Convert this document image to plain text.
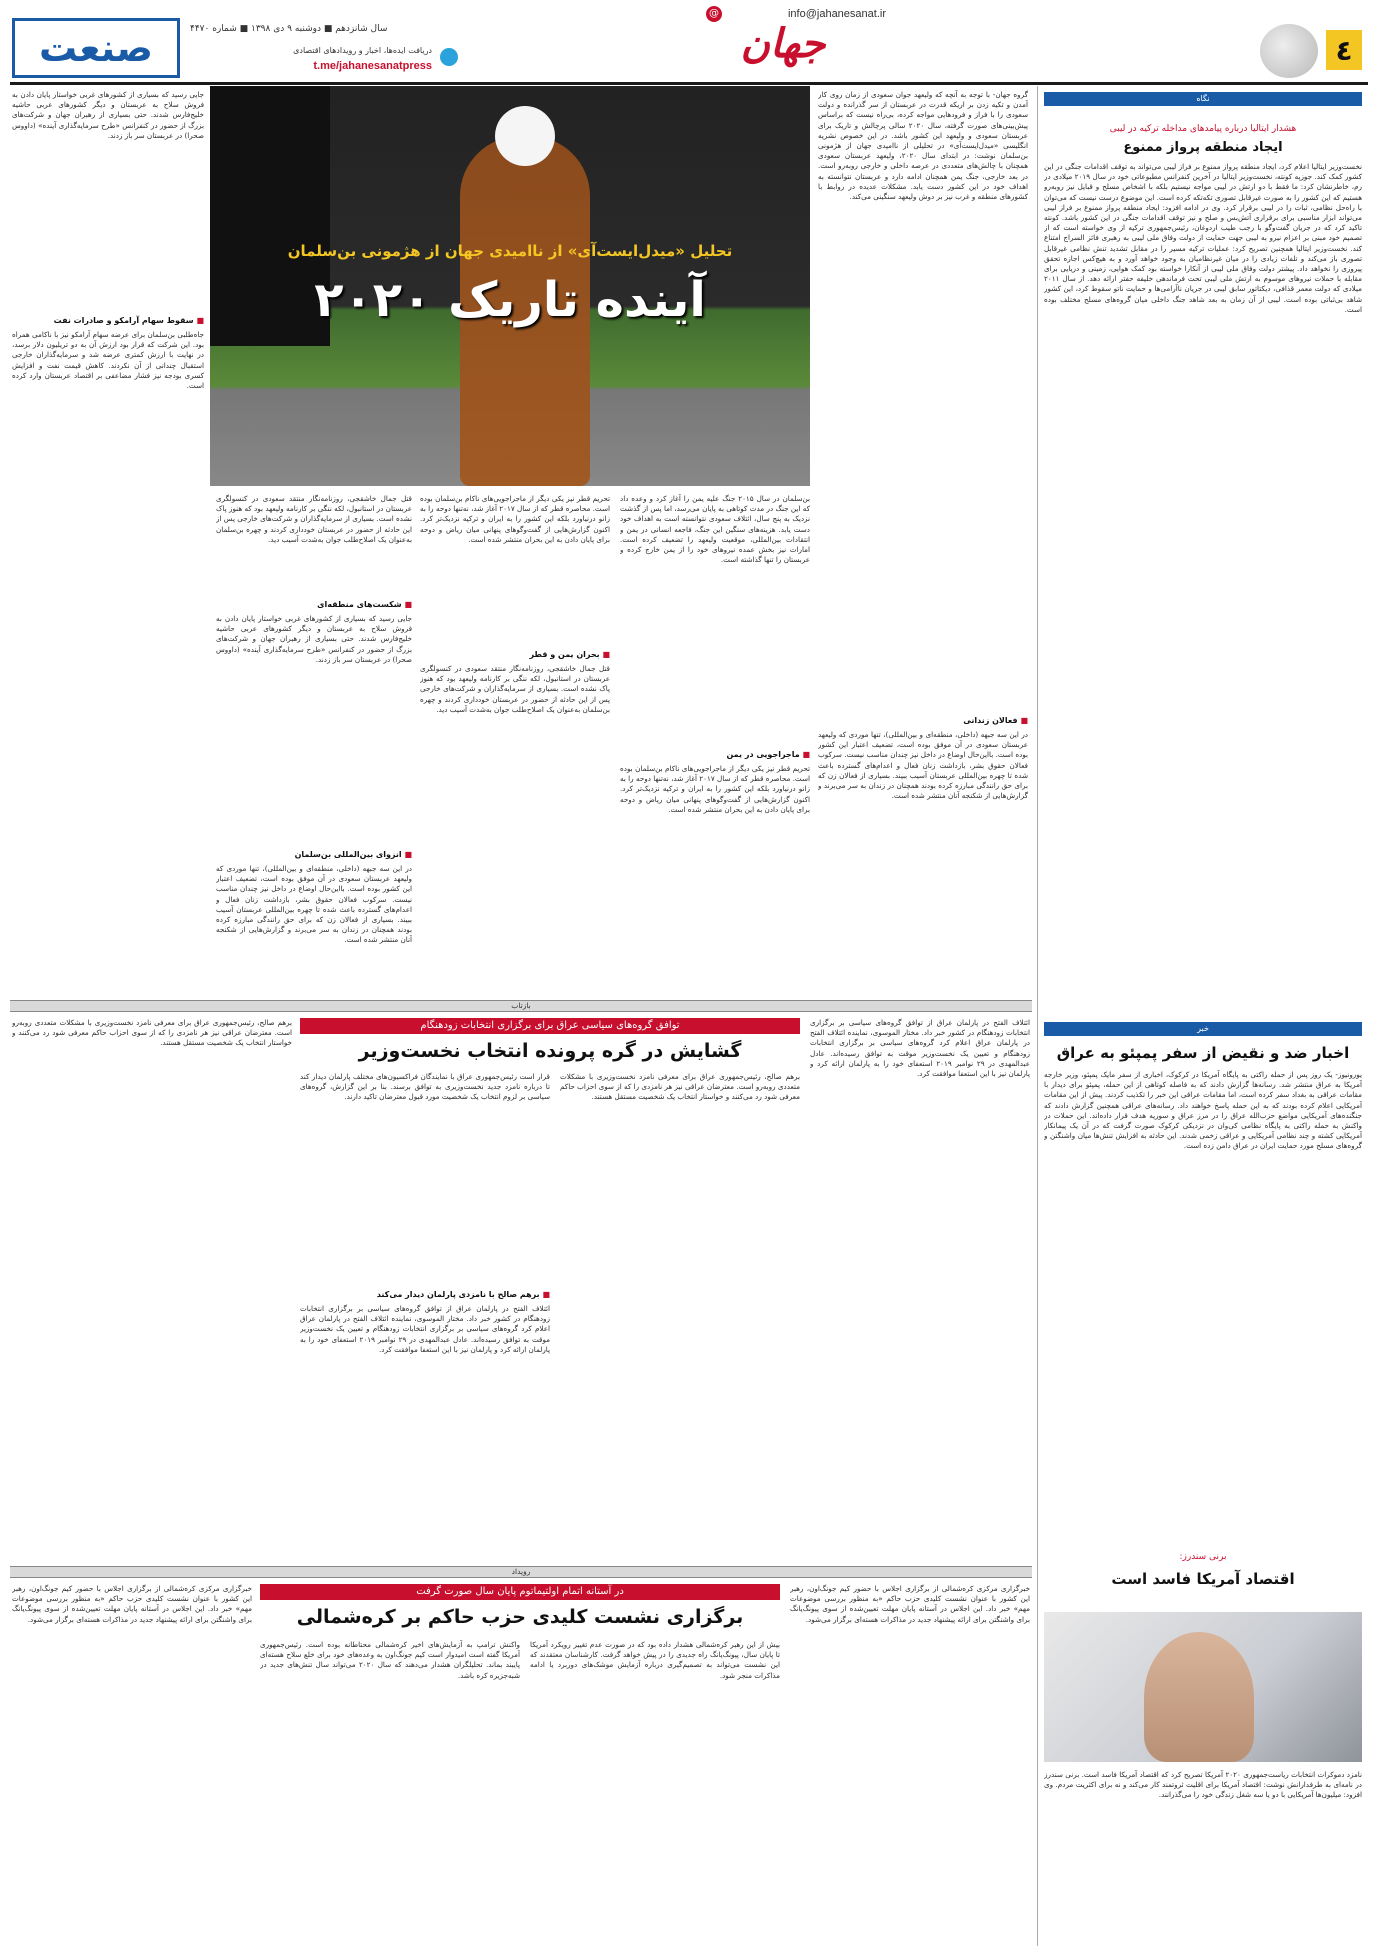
٤
@	info@jahanesanat.ir
جهان
دریافت ایده‌ها، اخبار و رویدادهای اقتصادی
t.me/jahanesanatpress
سال شانزدهم ■ دوشنبه ۹ دی ۱۳۹۸ ■ شماره ۴۴۷۰
صنعت
نگاه
هشدار ایتالیا درباره پیامدهای مداخله ترکیه در لیبی
ایجاد منطقه پرواز ممنوع
نخست‌وزیر ایتالیا اعلام کرد، ایجاد منطقه پرواز ممنوع بر فراز لیبی می‌تواند به توقف اقدامات جنگی در این کشور کمک کند. جوزپه کونته، نخست‌وزیر ایتالیا در آخرین کنفرانس مطبوعاتی خود در سال ۲۰۱۹ میلادی در رم، خاطرنشان کرد: ما فقط با دو ارتش در لیبی مواجه نیستیم بلکه با اشخاص مسلح و قبایل نیز روبه‌رو هستیم که این کشور را به صورت غیرقابل تصوری تکه‌تکه کرده است. این موضوع درست نیست که می‌توان با راه‌حل نظامی، ثبات را در لیبی برقرار کرد. وی در ادامه افزود: ایجاد منطقه پرواز ممنوع بر فراز لیبی می‌تواند ابزار مناسبی برای برقراری آتش‌بس و صلح و نیز توقف اقدامات جنگی در این کشور باشد. کونته تاکید کرد که در جریان گفت‌وگو با رجب طیب اردوغان، رئیس‌جمهوری ترکیه از وی خواسته است که از تصمیم خود مبنی بر اعزام نیرو به لیبی جهت حمایت از دولت وفاق ملی لیبی به رهبری فائز السراج امتناع کند. نخست‌وزیر ایتالیا همچنین تصریح کرد: عملیات ترکیه مسیر را در مقابل تشدید تنش نظامی غیرقابل تصوری باز می‌کند و تلفات زیادی را در میان غیرنظامیان به وجود خواهد آورد و به هیچ‌کس اجازه تحقق پیروزی را نخواهد داد. پیشتر دولت وفاق ملی لیبی از آنکارا خواسته بود کمک هوایی، زمینی و دریایی برای مقابله با حملات نیروهای موسوم به ارتش ملی لیبی تحت فرماندهی خلیفه حفتر ارائه دهد. از سال ۲۰۱۱ میلادی که دولت معمر قذافی، دیکتاتور سابق لیبی در جریان ناآرامی‌ها و حمایت ناتو سقوط کرد، این کشور شاهد بی‌ثباتی بوده است. لیبی از آن زمان به بعد شاهد جنگ داخلی میان گروه‌های مسلح مختلف بوده است.
خبر
اخبار ضد و نقیض از سفر پمپئو به عراق
یورونیوز- یک روز پس از حمله راکتی به پایگاه آمریکا در کرکوک، اخباری از سفر مایک پمپئو، وزیر خارجه آمریکا به عراق منتشر شد. رسانه‌ها گزارش دادند که به فاصله کوتاهی از این حمله، پمپئو برای دیدار با مقامات عراقی به بغداد سفر کرده است، اما مقامات عراقی این خبر را تکذیب کردند. پیش از این مقامات آمریکایی اعلام کرده بودند که به این حمله پاسخ خواهند داد. رسانه‌های عراقی همچنین گزارش دادند که جنگنده‌های آمریکایی مواضع حزب‌الله عراق را در مرز عراق و سوریه هدف قرار داده‌اند. این حملات در واکنش به حمله راکتی به پایگاه نظامی کی‌وان در نزدیکی کرکوک صورت گرفت که در آن یک پیمانکار آمریکایی کشته و چند نظامی آمریکایی و عراقی زخمی شدند. این حادثه به افزایش تنش‌ها میان واشنگتن و گروه‌های مسلح مورد حمایت ایران در عراق دامن زده است.
برنی سندرز:
اقتصاد آمریکا فاسد است
نامزد دموکرات انتخابات ریاست‌جمهوری ۲۰۲۰ آمریکا تصریح کرد که اقتصاد آمریکا فاسد است. برنی سندرز در نامه‌ای به طرفدارانش نوشت: اقتصاد آمریکا برای اقلیت ثروتمند کار می‌کند و نه برای اکثریت مردم. وی افزود: میلیون‌ها آمریکایی با دو یا سه شغل زندگی خود را می‌گذرانند.
تحلیل «میدل‌ایست‌آی» از ناامیدی جهان از هژمونی بن‌سلمان
آینده تاریک ۲۰۲۰
گروه جهان- با توجه به آنچه که ولیعهد جوان سعودی از زمان روی کار آمدن و تکیه زدن بر اریکه قدرت در عربستان از سر گذرانده و دولت سعودی را با فراز و فرودهایی مواجه کرده، بی‌راه نیست که براساس پیش‌بینی‌های صورت گرفته، سال ۲۰۲۰ سالی پرچالش و تاریک برای عربستان سعودی و ولیعهد این کشور باشد. در این خصوص نشریه انگلیسی «میدل‌ایست‌آی» در تحلیلی از ناامیدی جهان از هژمونی بن‌سلمان نوشت: در ابتدای سال ۲۰۲۰، ولیعهد عربستان سعودی همچنان با چالش‌های متعددی در عرصه داخلی و خارجی روبه‌رو است. در بعد خارجی، جنگ یمن همچنان ادامه دارد و عربستان نتوانسته به اهداف خود در این کشور دست یابد. مشکلات عدیده در روابط با کشورهای منطقه و غرب نیز بر دوش ولیعهد سنگینی می‌کند.
■ فعالان زندانی
در این سه جبهه (داخلی، منطقه‌ای و بین‌المللی)، تنها موردی که ولیعهد عربستان سعودی در آن موفق بوده است، تضعیف اعتبار این کشور بوده است. بااین‌حال اوضاع در داخل نیز چندان مناسب نیست. سرکوب فعالان حقوق بشر، بازداشت زنان فعال و اعدام‌های گسترده باعث شده تا چهره بین‌المللی عربستان آسیب ببیند. بسیاری از فعالان زن که برای حق رانندگی مبارزه کرده بودند همچنان در زندان به سر می‌برند و گزارش‌هایی از شکنجه آنان منتشر شده است.
بن‌سلمان در سال ۲۰۱۵ جنگ علیه یمن را آغاز کرد و وعده داد که این جنگ در مدت کوتاهی به پایان می‌رسد، اما پس از گذشت نزدیک به پنج سال، ائتلاف سعودی نتوانسته است به اهداف خود دست یابد. هزینه‌های سنگین این جنگ، فاجعه انسانی در یمن و انتقادات بین‌المللی، موقعیت ولیعهد را تضعیف کرده است. امارات نیز بخش عمده نیروهای خود را از یمن خارج کرده و عربستان را تنها گذاشته است.
■ ماجراجویی در یمن
تحریم قطر نیز یکی دیگر از ماجراجویی‌های ناکام بن‌سلمان بوده است. محاصره قطر که از سال ۲۰۱۷ آغاز شد، نه‌تنها دوحه را به زانو درنیاورد بلکه این کشور را به ایران و ترکیه نزدیک‌تر کرد. اکنون گزارش‌هایی از گفت‌وگوهای پنهانی میان ریاض و دوحه برای پایان دادن به این بحران منتشر شده است.
تحریم قطر نیز یکی دیگر از ماجراجویی‌های ناکام بن‌سلمان بوده است. محاصره قطر که از سال ۲۰۱۷ آغاز شد، نه‌تنها دوحه را به زانو درنیاورد بلکه این کشور را به ایران و ترکیه نزدیک‌تر کرد. اکنون گزارش‌هایی از گفت‌وگوهای پنهانی میان ریاض و دوحه برای پایان دادن به این بحران منتشر شده است.
■ بحران یمن و قطر
قتل جمال خاشقجی، روزنامه‌نگار منتقد سعودی در کنسولگری عربستان در استانبول، لکه ننگی بر کارنامه ولیعهد بود که هنوز پاک نشده است. بسیاری از سرمایه‌گذاران و شرکت‌های خارجی پس از این حادثه از حضور در عربستان خودداری کردند و چهره بن‌سلمان به‌عنوان یک اصلاح‌طلب جوان به‌شدت آسیب دید.
قتل جمال خاشقجی، روزنامه‌نگار منتقد سعودی در کنسولگری عربستان در استانبول، لکه ننگی بر کارنامه ولیعهد بود که هنوز پاک نشده است. بسیاری از سرمایه‌گذاران و شرکت‌های خارجی پس از این حادثه از حضور در عربستان خودداری کردند و چهره بن‌سلمان به‌عنوان یک اصلاح‌طلب جوان به‌شدت آسیب دید.
■ شکست‌های منطقه‌ای
جایی رسید که بسیاری از کشورهای غربی خواستار پایان دادن به فروش سلاح به عربستان و دیگر کشورهای عربی حاشیه خلیج‌فارس شدند. حتی بسیاری از رهبران جهان و شرکت‌های بزرگ از حضور در کنفرانس «طرح سرمایه‌گذاری آینده» (داووس صحرا) در عربستان سر باز زدند.
■ انزوای بین‌المللی بن‌سلمان
در این سه جبهه (داخلی، منطقه‌ای و بین‌المللی)، تنها موردی که ولیعهد عربستان سعودی در آن موفق بوده است، تضعیف اعتبار این کشور بوده است. بااین‌حال اوضاع در داخل نیز چندان مناسب نیست. سرکوب فعالان حقوق بشر، بازداشت زنان فعال و اعدام‌های گسترده باعث شده تا چهره بین‌المللی عربستان آسیب ببیند. بسیاری از فعالان زن که برای حق رانندگی مبارزه کرده بودند همچنان در زندان به سر می‌برند و گزارش‌هایی از شکنجه آنان منتشر شده است.
جایی رسید که بسیاری از کشورهای غربی خواستار پایان دادن به فروش سلاح به عربستان و دیگر کشورهای عربی حاشیه خلیج‌فارس شدند. حتی بسیاری از رهبران جهان و شرکت‌های بزرگ از حضور در کنفرانس «طرح سرمایه‌گذاری آینده» (داووس صحرا) در عربستان سر باز زدند.
■ سقوط سهام آرامکو و صادرات نفت
جاه‌طلبی بن‌سلمان برای عرضه سهام آرامکو نیز با ناکامی همراه بود. این شرکت که قرار بود ارزش آن به دو تریلیون دلار برسد، در نهایت با ارزش کمتری عرضه شد و سرمایه‌گذاران خارجی استقبال چندانی از آن نکردند. کاهش قیمت نفت و افزایش کسری بودجه نیز فشار مضاعفی بر اقتصاد عربستان وارد کرده است.
بازتاب
توافق گروه‌های سیاسی عراق برای برگزاری انتخابات زودهنگام
گشایش در گره پرونده انتخاب نخست‌وزیر
ائتلاف الفتح در پارلمان عراق از توافق گروه‌های سیاسی بر برگزاری انتخابات زودهنگام در کشور خبر داد. مختار الموسوی، نماینده ائتلاف الفتح در پارلمان عراق اعلام کرد گروه‌های سیاسی بر برگزاری انتخابات زودهنگام و تعیین یک نخست‌وزیر موقت به توافق رسیده‌اند. عادل عبدالمهدی در ۲۹ نوامبر ۲۰۱۹ استعفای خود را به پارلمان ارائه کرد و پارلمان نیز با این استعفا موافقت کرد.
برهم صالح، رئیس‌جمهوری عراق برای معرفی نامزد نخست‌وزیری با مشکلات متعددی روبه‌رو است. معترضان عراقی نیز هر نامزدی را که از سوی احزاب حاکم معرفی شود رد می‌کنند و خواستار انتخاب یک شخصیت مستقل هستند.
قرار است رئیس‌جمهوری عراق با نمایندگان فراکسیون‌های مختلف پارلمان دیدار کند تا درباره نامزد جدید نخست‌وزیری به توافق برسند. بنا بر این گزارش، گروه‌های سیاسی بر لزوم انتخاب یک شخصیت مورد قبول معترضان تاکید دارند.
■ برهم صالح با نامزدی پارلمان دیدار می‌کند
ائتلاف الفتح در پارلمان عراق از توافق گروه‌های سیاسی بر برگزاری انتخابات زودهنگام در کشور خبر داد. مختار الموسوی، نماینده ائتلاف الفتح در پارلمان عراق اعلام کرد گروه‌های سیاسی بر برگزاری انتخابات زودهنگام و تعیین یک نخست‌وزیر موقت به توافق رسیده‌اند. عادل عبدالمهدی در ۲۹ نوامبر ۲۰۱۹ استعفای خود را به پارلمان ارائه کرد و پارلمان نیز با این استعفا موافقت کرد.
برهم صالح، رئیس‌جمهوری عراق برای معرفی نامزد نخست‌وزیری با مشکلات متعددی روبه‌رو است. معترضان عراقی نیز هر نامزدی را که از سوی احزاب حاکم معرفی شود رد می‌کنند و خواستار انتخاب یک شخصیت مستقل هستند.
رویداد
در آستانه اتمام اولتیماتوم پایان سال صورت گرفت
برگزاری نشست کلیدی حزب حاکم بر کره‌شمالی
خبرگزاری مرکزی کره‌شمالی از برگزاری اجلاس با حضور کیم جونگ‌اون، رهبر این کشور با عنوان نشست کلیدی حزب حاکم «به منظور بررسی موضوعات مهم» خبر داد. این اجلاس در آستانه پایان مهلت تعیین‌شده از سوی پیونگ‌یانگ برای واشنگتن برای ارائه پیشنهاد جدید در مذاکرات هسته‌ای برگزار می‌شود.
بیش از این رهبر کره‌شمالی هشدار داده بود که در صورت عدم تغییر رویکرد آمریکا تا پایان سال، پیونگ‌یانگ راه جدیدی را در پیش خواهد گرفت. کارشناسان معتقدند که این نشست می‌تواند به تصمیم‌گیری درباره آزمایش موشک‌های دوربرد یا ادامه مذاکرات منجر شود.
واکنش ترامپ به آزمایش‌های اخیر کره‌شمالی محتاطانه بوده است. رئیس‌جمهوری آمریکا گفته است امیدوار است کیم جونگ‌اون به وعده‌های خود برای خلع سلاح هسته‌ای پایبند بماند. تحلیلگران هشدار می‌دهند که سال ۲۰۲۰ می‌تواند سال تنش‌های جدید در شبه‌جزیره کره باشد.
خبرگزاری مرکزی کره‌شمالی از برگزاری اجلاس با حضور کیم جونگ‌اون، رهبر این کشور با عنوان نشست کلیدی حزب حاکم «به منظور بررسی موضوعات مهم» خبر داد. این اجلاس در آستانه پایان مهلت تعیین‌شده از سوی پیونگ‌یانگ برای واشنگتن برای ارائه پیشنهاد جدید در مذاکرات هسته‌ای برگزار می‌شود.
